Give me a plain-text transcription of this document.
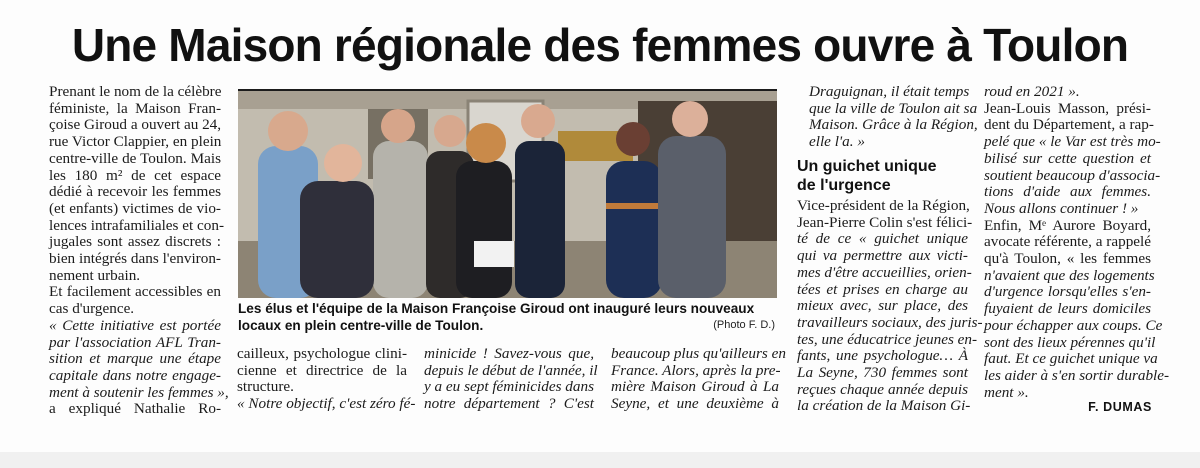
Une Maison régionale des femmes ouvre à Toulon
Prenant le nom de la célèbre
féministe, la Maison Fran-
çoise Giroud a ouvert au 24,
rue Victor Clappier, en plein
centre-ville de Toulon. Mais
les 180 m² de cet espace
dédié à recevoir les femmes
(et enfants) victimes de vio-
lences intrafamiliales et con-
jugales sont assez discrets :
bien intégrés dans l'environ-
nement urbain.
Et facilement accessibles en
cas d'urgence.
« Cette initiative est portée
par l'association AFL Tran-
sition et marque une étape
capitale dans notre engage-
ment à soutenir les femmes »,
a expliqué Nathalie Ro-
Les élus et l'équipe de la Maison Françoise Giroud ont inauguré leurs nouveaux
locaux en plein centre-ville de Toulon.	(Photo F. D.)
cailleux, psychologue clini-
cienne et directrice de la
structure.
« Notre objectif, c'est zéro fé-
minicide ! Savez-vous que,
depuis le début de l'année, il
y a eu sept féminicides dans
notre département ? C'est
beaucoup plus qu'ailleurs en
France. Alors, après la pre-
mière Maison Giroud à La
Seyne, et une deuxième à
Draguignan, il était temps
que la ville de Toulon ait sa
Maison. Grâce à la Région,
elle l'a. »
Un guichet unique
de l'urgence
Vice-président de la Région,
Jean-Pierre Colin s'est félici-
té de ce « guichet unique
qui va permettre aux victi-
mes d'être accueillies, orien-
tées et prises en charge au
mieux avec, sur place, des
travailleurs sociaux, des juris-
tes, une éducatrice jeunes en-
fants, une psychologue… À
La Seyne, 730 femmes sont
reçues chaque année depuis
la création de la Maison Gi-
roud en 2021 ».
Jean-Louis Masson, prési-
dent du Département, a rap-
pelé que « le Var est très mo-
bilisé sur cette question et
soutient beaucoup d'associa-
tions d'aide aux femmes.
Nous allons continuer ! »
Enfin, Mᵉ Aurore Boyard,
avocate référente, a rappelé
qu'à Toulon, « les femmes
n'avaient que des logements
d'urgence lorsqu'elles s'en-
fuyaient de leurs domiciles
pour échapper aux coups. Ce
sont des lieux pérennes qu'il
faut. Et ce guichet unique va
les aider à s'en sortir durable-
ment ».
F. DUMAS
